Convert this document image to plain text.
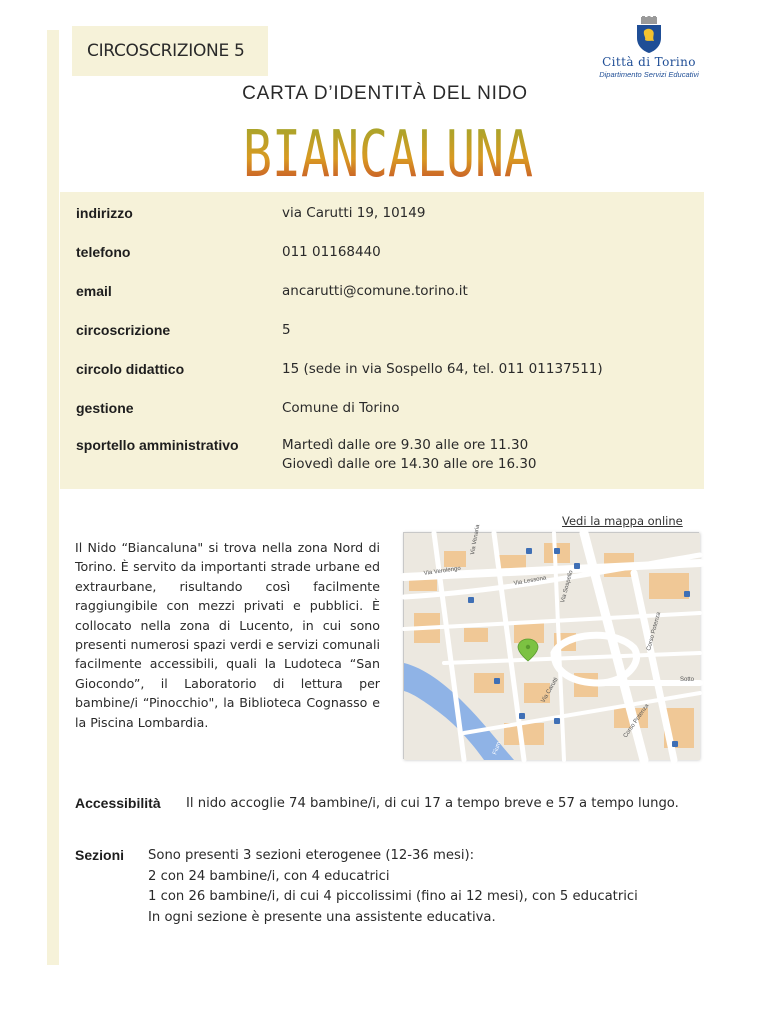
CIRCOSCRIZIONE 5
Città di Torino
Dipartimento Servizi Educativi
CARTA D’IDENTITÀ DEL NIDO
BIANCALUNA
indirizzo	via Carutti 19, 10149
telefono	011 01168440
email	ancarutti@comune.torino.it
circoscrizione	5
circolo didattico	15 (sede in via Sospello 64, tel. 011 01137511)
gestione	Comune di Torino
sportello amministrativo	Martedì dalle ore 9.30 alle ore 11.30
Giovedì dalle ore 14.30 alle ore 16.30
Vedi la mappa online
Corso Potenza
Corso Potenza
Via Verolengo
Via Lessona Via Sospello
Via Carutti
Via Venaria
Sotto
Fium

Il Nido “Biancaluna" si trova nella zona Nord di Torino. È servito da importanti strade urbane ed extraurbane, risultando così facilmente raggiungibile con mezzi privati e pubblici. È collocato nella zona di Lucento, in cui sono presenti numerosi spazi verdi e servizi comunali facilmente accessibili, quali la Ludoteca “San Giocondo”, il Laboratorio di lettura per bambine/i “Pinocchio", la Biblioteca Cognasso e la Piscina Lombardia.

Accessibilità Il nido accoglie 74 bambine/i, di cui 17 a tempo breve e 57 a tempo lungo.
Sezioni Sono presenti 3 sezioni eterogenee (12-36 mesi):
2 con 24 bambine/i, con 4 educatrici
1 con 26 bambine/i, di cui 4 piccolissimi (fino ai 12 mesi), con 5 educatrici
In ogni sezione è presente una assistente educativa.
